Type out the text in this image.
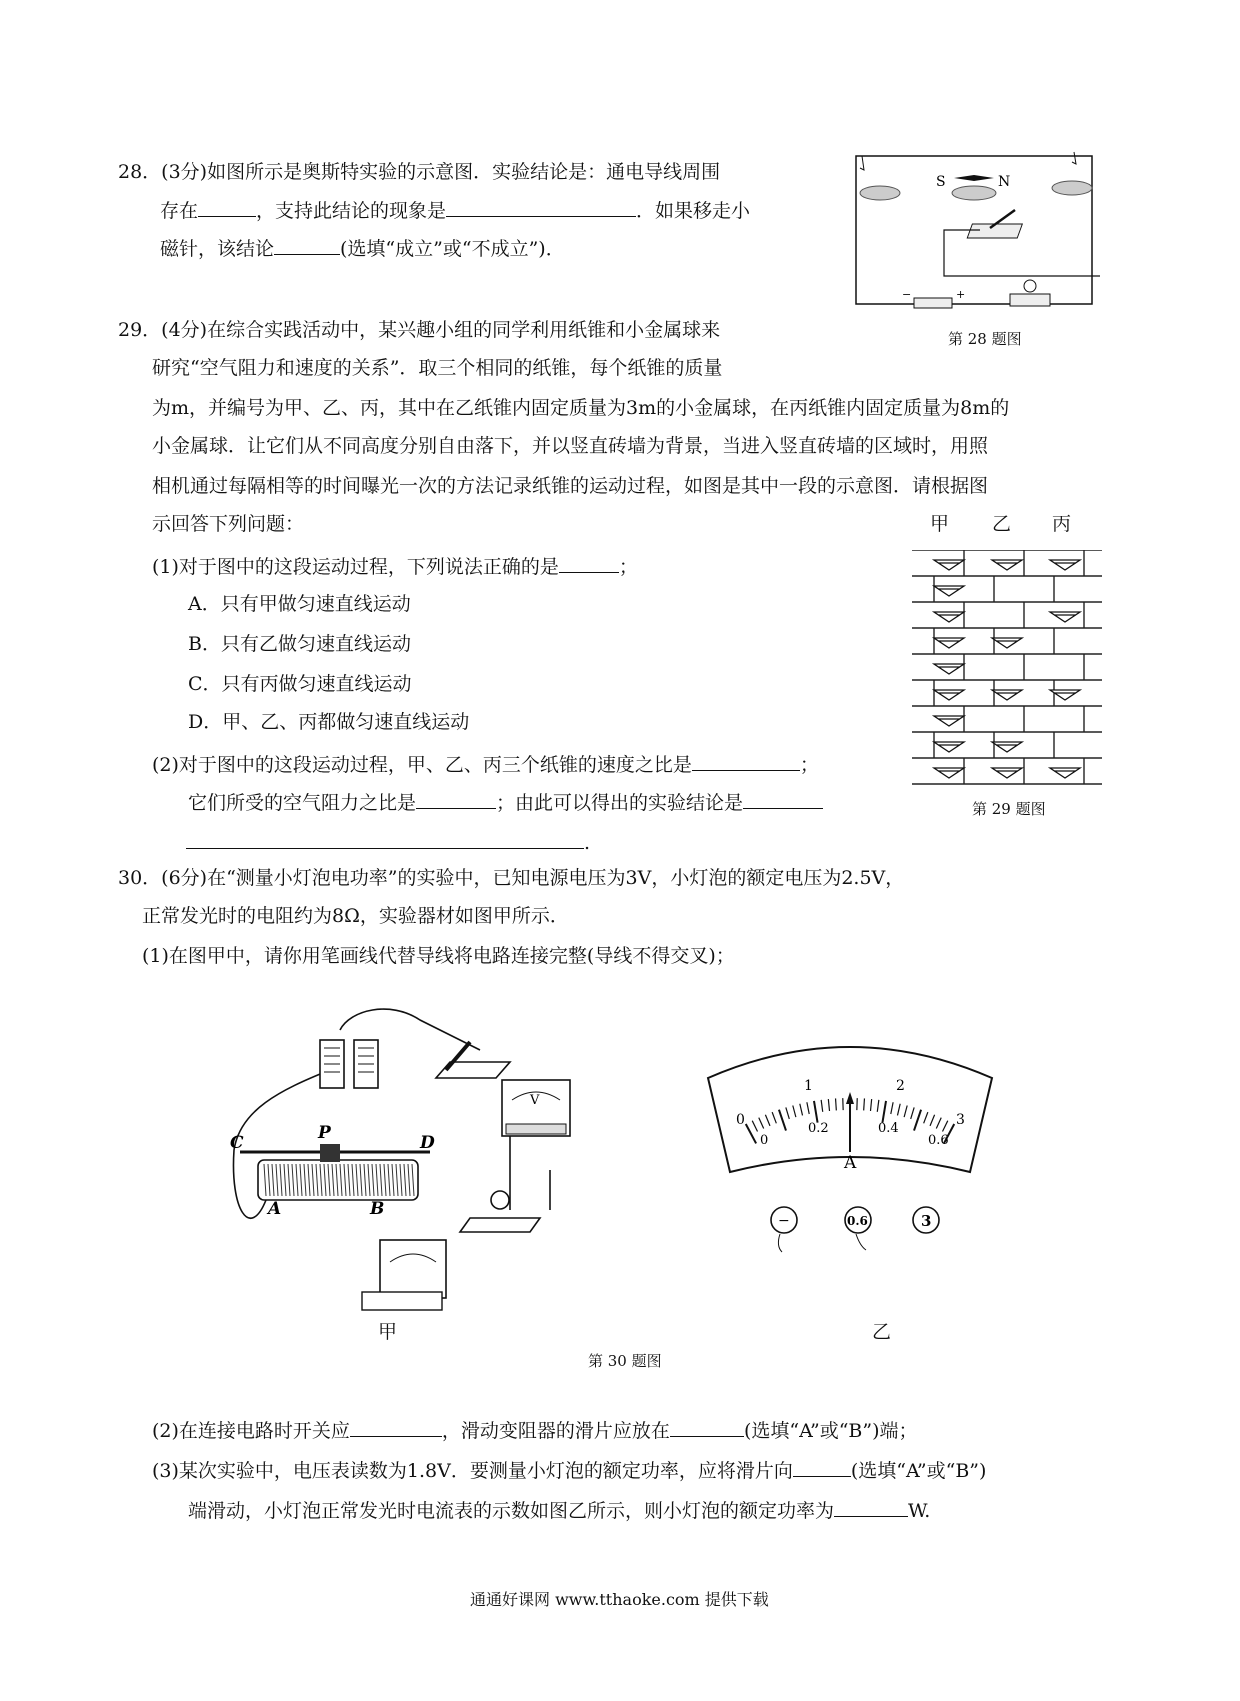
28．(3分)如图所示是奥斯特实验的示意图．实验结论是：通电导线周围
存在	，支持此结论的现象是	．如果移走小
磁针，该结论	(选填“成立”或“不成立”)．
S	N
−	+
第 28 题图
29．(4分)在综合实践活动中，某兴趣小组的同学利用纸锥和小金属球来
研究“空气阻力和速度的关系”．取三个相同的纸锥，每个纸锥的质量
为m，并编号为甲、乙、丙，其中在乙纸锥内固定质量为3m的小金属球，在丙纸锥内固定质量为8m的
小金属球．让它们从不同高度分别自由落下，并以竖直砖墙为背景，当进入竖直砖墙的区域时，用照
相机通过每隔相等的时间曝光一次的方法记录纸锥的运动过程，如图是其中一段的示意图．请根据图
示回答下列问题：
(1)对于图中的这段运动过程，下列说法正确的是	；
A．只有甲做匀速直线运动
B．只有乙做匀速直线运动
C．只有丙做匀速直线运动
D．甲、乙、丙都做匀速直线运动
(2)对于图中的这段运动过程，甲、乙、丙三个纸锥的速度之比是	；
它们所受的空气阻力之比是	；由此可以得出的实验结论是
.
甲 乙 丙
第 29 题图
30．(6分)在“测量小灯泡电功率”的实验中，已知电源电压为3V，小灯泡的额定电压为2.5V，
正常发光时的电阻约为8Ω，实验器材如图甲所示．
(1)在图甲中，请你用笔画线代替导线将电路连接完整(导线不得交叉)；
V
C	P	D
A	B
甲
A
0
1	2
3
0
0.2	0.4
0.6
−	0.6	3
乙
第 30 题图
(2)在连接电路时开关应	，滑动变阻器的滑片应放在	(选填“A”或“B”)端；
(3)某次实验中，电压表读数为1.8V．要测量小灯泡的额定功率，应将滑片向	(选填“A”或“B”)
端滑动，小灯泡正常发光时电流表的示数如图乙所示，则小灯泡的额定功率为	W.
通通好课网 www.tthaoke.com 提供下载
